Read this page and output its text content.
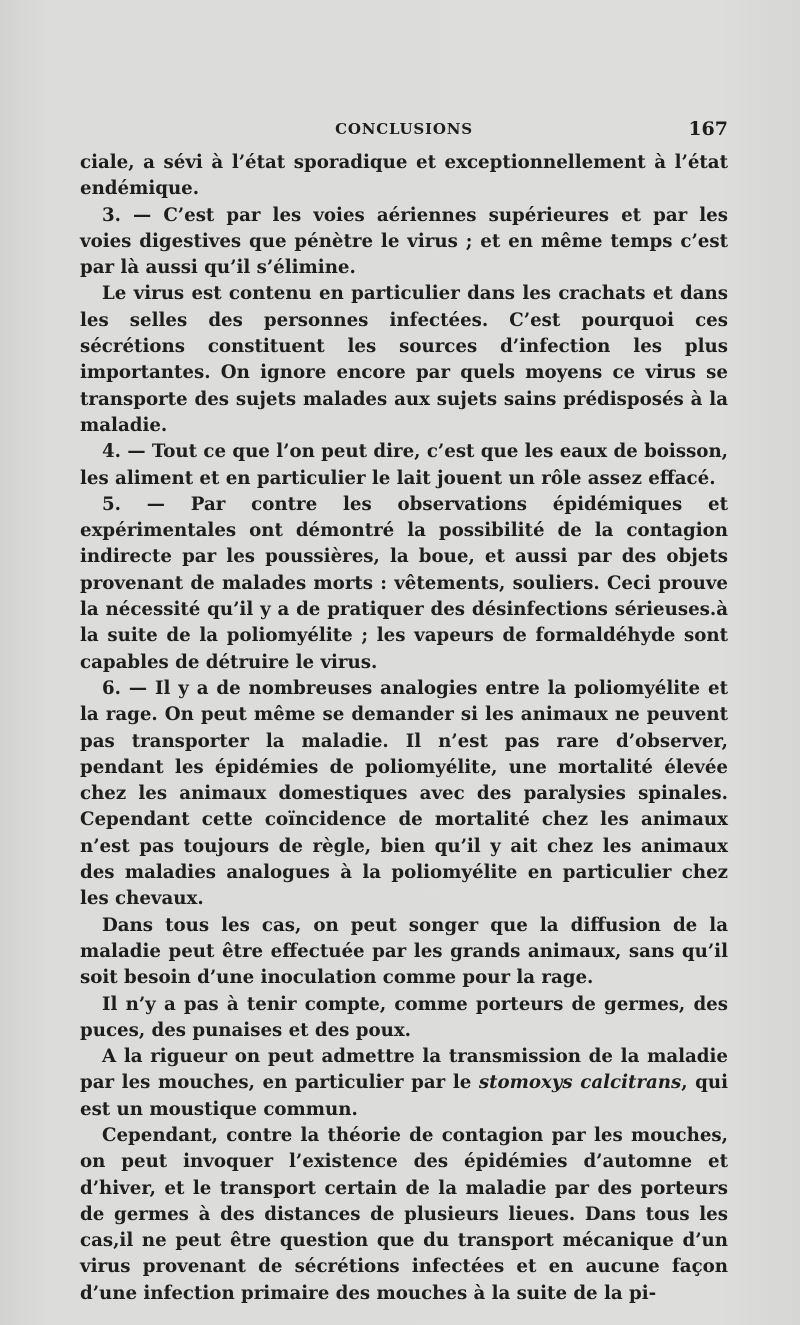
CONCLUSIONS	167

ciale, a sévi à l’état sporadique et exceptionnellement à l’état endémique.

3. — C’est par les voies aériennes supérieures et par les voies digestives que pénètre le virus ; et en même temps c’est par là aussi qu’il s’élimine.

Le virus est contenu en particulier dans les crachats et dans les selles des personnes infectées. C’est pourquoi ces sécrétions constituent les sources d’infection les plus importantes. On ignore encore par quels moyens ce virus se transporte des sujets malades aux sujets sains prédisposés à la maladie.

4. — Tout ce que l’on peut dire, c’est que les eaux de boisson, les aliment et en particulier le lait jouent un rôle assez effacé.

5. — Par contre les observations épidémiques et expérimentales ont démontré la possibilité de la contagion indirecte par les poussières, la boue, et aussi par des objets provenant de malades morts : vêtements, souliers. Ceci prouve la nécessité qu’il y a de pratiquer des désinfections sérieuses.à la suite de la poliomyélite ; les vapeurs de formaldéhyde sont capables de détruire le virus.

6. — Il y a de nombreuses analogies entre la poliomyélite et la rage. On peut même se demander si les animaux ne peuvent pas transporter la maladie. Il n’est pas rare d’observer, pendant les épidémies de poliomyélite, une mortalité élevée chez les animaux domestiques avec des paralysies spinales. Cependant cette coïncidence de mortalité chez les animaux n’est pas toujours de règle, bien qu’il y ait chez les animaux des maladies analogues à la poliomyélite en particulier chez les chevaux.

Dans tous les cas, on peut songer que la diffusion de la maladie peut être effectuée par les grands animaux, sans qu’il soit besoin d’une inoculation comme pour la rage.

Il n’y a pas à tenir compte, comme porteurs de germes, des puces, des punaises et des poux.

A la rigueur on peut admettre la transmission de la maladie par les mouches, en particulier par le stomoxys calcitrans, qui est un moustique commun.

Cependant, contre la théorie de contagion par les mouches, on peut invoquer l’existence des épidémies d’automne et d’hiver, et le transport certain de la maladie par des porteurs de germes à des distances de plusieurs lieues. Dans tous les cas,il ne peut être question que du transport mécanique d’un virus provenant de sécrétions infectées et en aucune façon d’une infection primaire des mouches à la suite de la pi-
